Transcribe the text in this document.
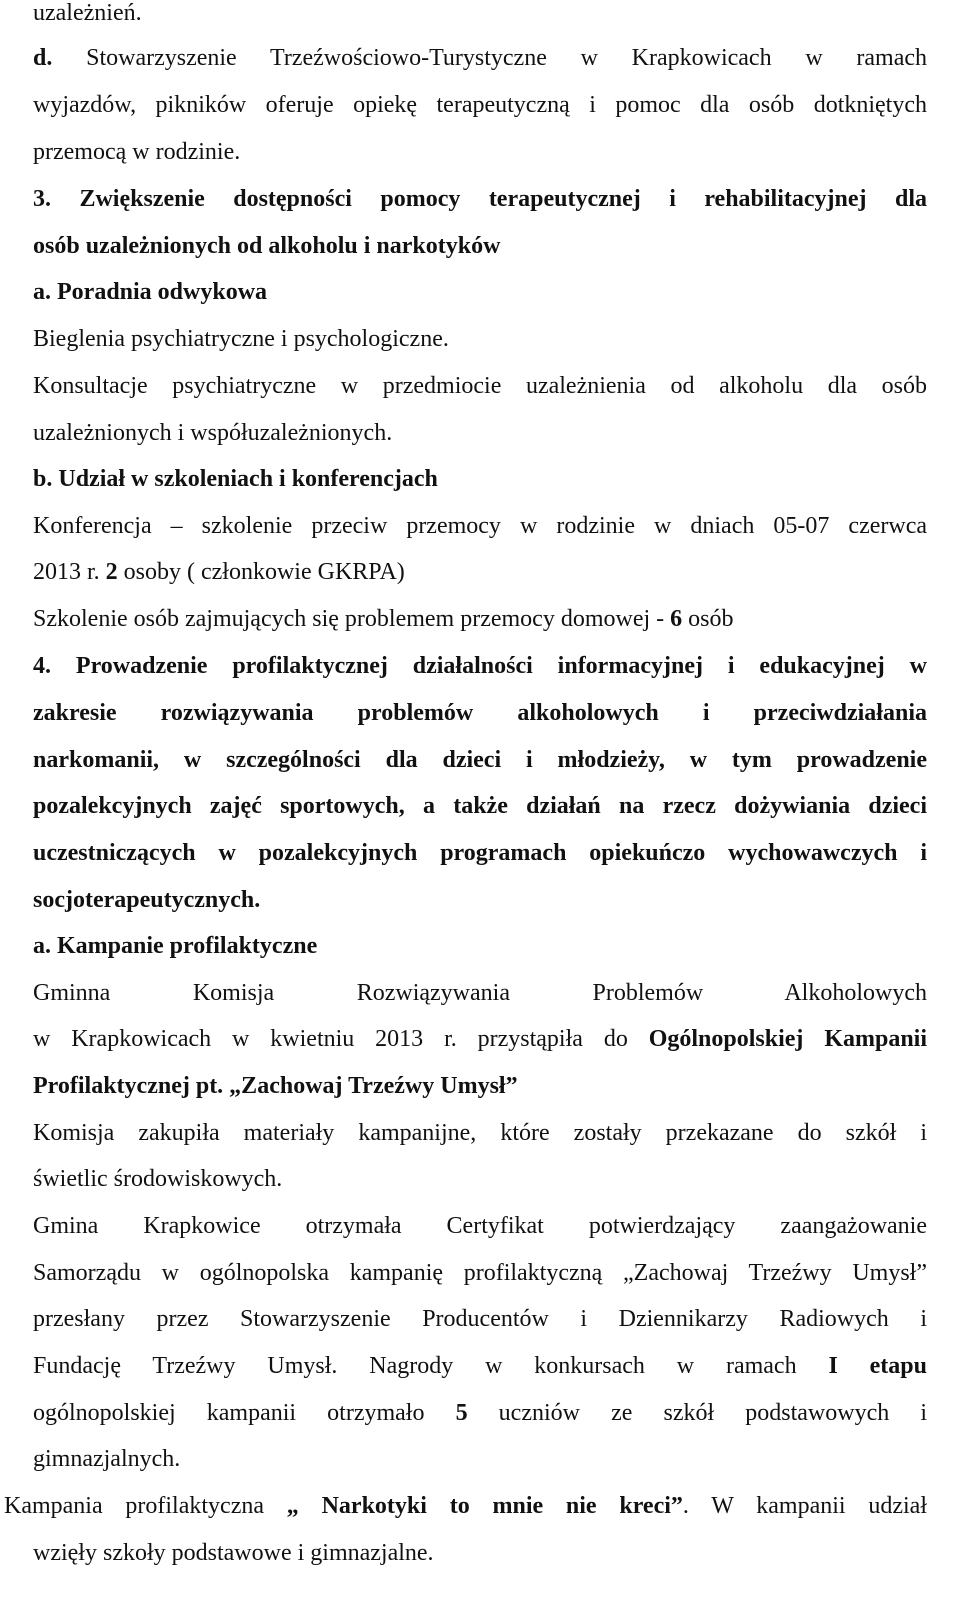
uzależnień.
d. Stowarzyszenie Trzeźwościowo-Turystyczne w Krapkowicach w ramach
wyjazdów, pikników oferuje opiekę terapeutyczną i pomoc dla osób dotkniętych
przemocą w rodzinie.
3. Zwiększenie dostępności pomocy terapeutycznej i rehabilitacyjnej dla
osób uzależnionych od alkoholu i narkotyków
a. Poradnia odwykowa
Bieglenia psychiatryczne i psychologiczne.
Konsultacje psychiatryczne w przedmiocie uzależnienia od alkoholu dla osób
uzależnionych i współuzależnionych.
b. Udział w szkoleniach i konferencjach
Konferencja – szkolenie przeciw przemocy w rodzinie w dniach 05-07 czerwca
2013 r. 2 osoby ( członkowie GKRPA)
Szkolenie osób zajmujących się problemem przemocy domowej - 6 osób
4. Prowadzenie profilaktycznej działalności informacyjnej i edukacyjnej w
zakresie rozwiązywania problemów alkoholowych i przeciwdziałania
narkomanii, w szczególności dla dzieci i młodzieży, w tym prowadzenie
pozalekcyjnych zajęć sportowych, a także działań na rzecz dożywiania dzieci
uczestniczących w pozalekcyjnych programach opiekuńczo wychowawczych i
socjoterapeutycznych.
a. Kampanie profilaktyczne
Gminna Komisja Rozwiązywania Problemów Alkoholowych
w Krapkowicach w kwietniu 2013 r. przystąpiła do Ogólnopolskiej Kampanii
Profilaktycznej pt. „Zachowaj Trzeźwy Umysł”
Komisja zakupiła materiały kampanijne, które zostały przekazane do szkół i
świetlic środowiskowych.
Gmina Krapkowice otrzymała Certyfikat potwierdzający zaangażowanie
Samorządu w ogólnopolska kampanię profilaktyczną „Zachowaj Trzeźwy Umysł”
przesłany przez Stowarzyszenie Producentów i Dziennikarzy Radiowych i
Fundację Trzeźwy Umysł. Nagrody w konkursach w ramach I etapu
ogólnopolskiej kampanii otrzymało 5 uczniów ze szkół podstawowych i
gimnazjalnych.
Kampania profilaktyczna „ Narkotyki to mnie nie kreci”. W kampanii udział
wzięły szkoły podstawowe i gimnazjalne.
